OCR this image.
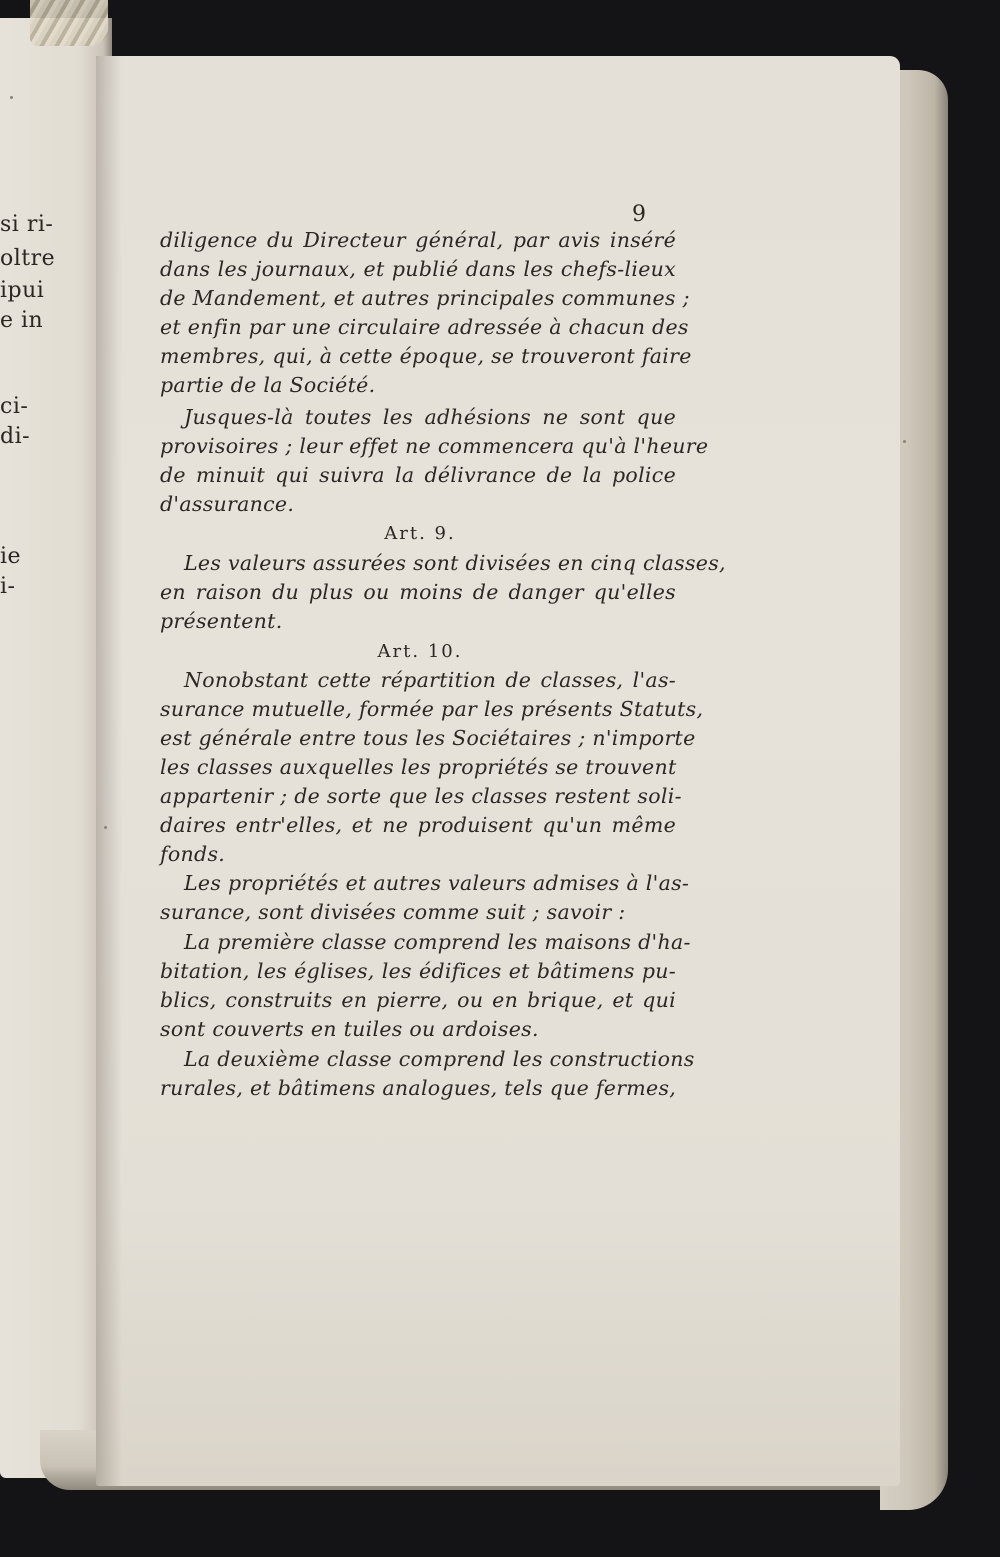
si ri-
oltre
ipui
e in
ci-
di-
ie
i-
9
diligence du Directeur général, par avis inséré
dans les journaux, et publié dans les chefs-lieux
de Mandement, et autres principales communes ;
et enfin par une circulaire adressée à chacun des
membres, qui, à cette époque, se trouveront faire
partie de la Société.
Jusques-là toutes les adhésions ne sont que
provisoires ; leur effet ne commencera qu'à l'heure
de minuit qui suivra la délivrance de la police
d'assurance.
Art. 9.
Les valeurs assurées sont divisées en cinq classes,
en raison du plus ou moins de danger qu'elles
présentent.
Art. 10.
Nonobstant cette répartition de classes, l'as-
surance mutuelle, formée par les présents Statuts,
est générale entre tous les Sociétaires ; n'importe
les classes auxquelles les propriétés se trouvent
appartenir ; de sorte que les classes restent soli-
daires entr'elles, et ne produisent qu'un même
fonds.
Les propriétés et autres valeurs admises à l'as-
surance, sont divisées comme suit ; savoir :
La première classe comprend les maisons d'ha-
bitation, les églises, les édifices et bâtimens pu-
blics, construits en pierre, ou en brique, et qui
sont couverts en tuiles ou ardoises.
La deuxième classe comprend les constructions
rurales, et bâtimens analogues, tels que fermes,
